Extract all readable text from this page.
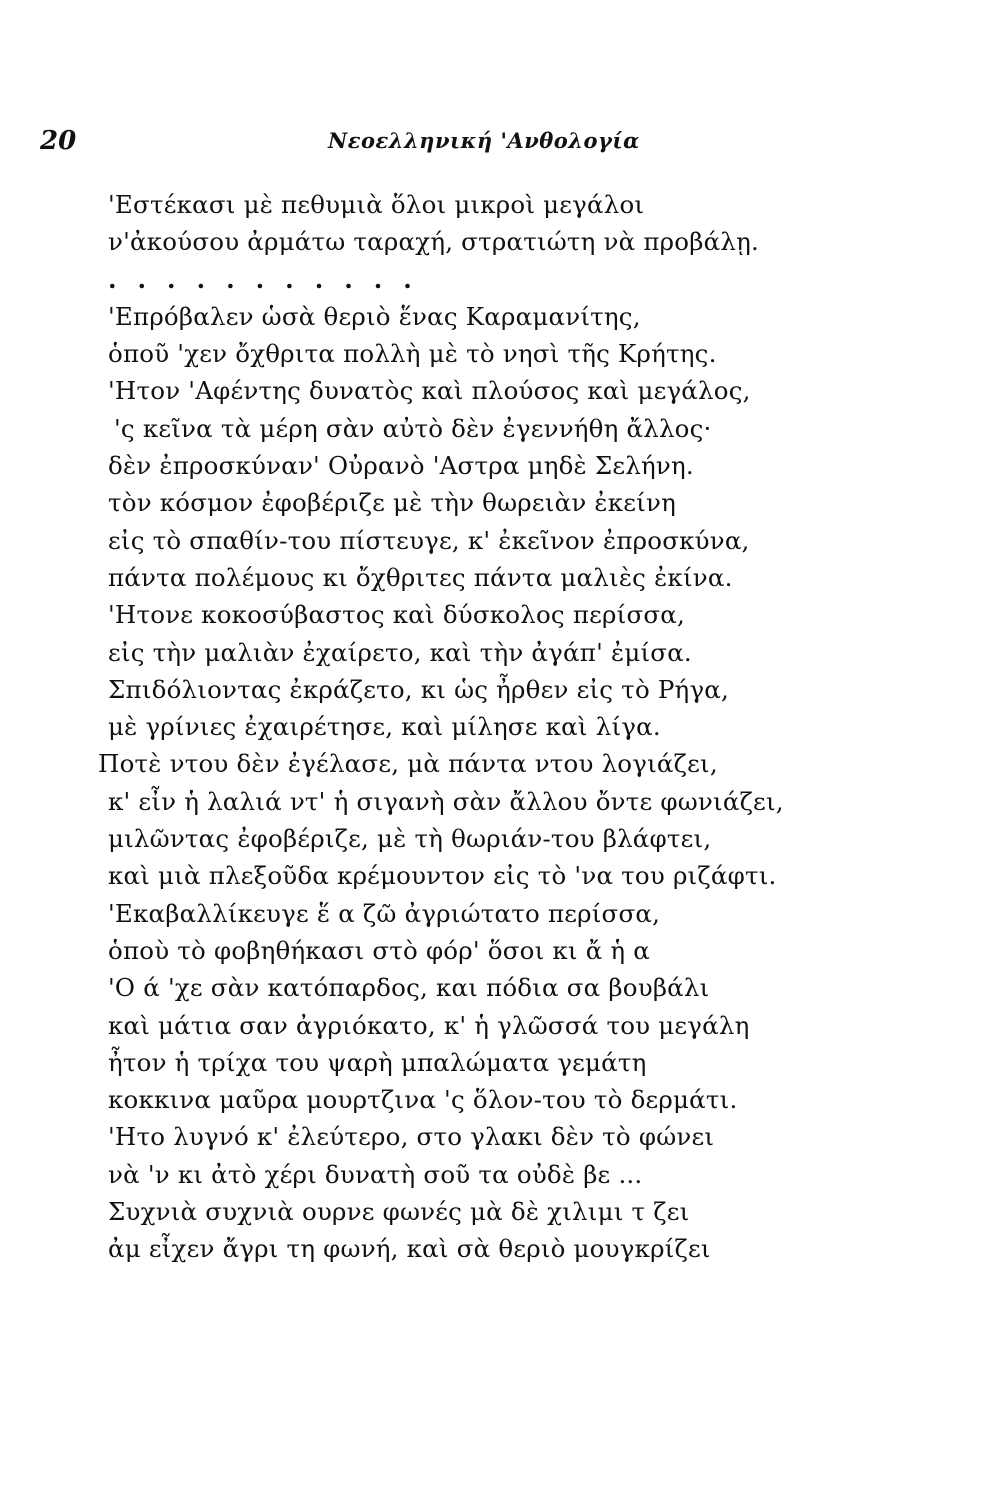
20	Νεοελληνική 'Ανθολογία
'Εστέκασι μὲ πεθυμιὰ ὅλοι μικροὶ μεγάλοι
ν'ἀκούσου ἀρμάτω ταραχή, στρατιώτη νὰ προβάλῃ.
...........
'Επρόβαλεν ὡσὰ θεριὸ ἕνας Καραμανίτης,
ὁποῦ 'χεν ὄχθριτα πολλὴ μὲ τὸ νησὶ τῆς Κρήτης.
'Ητον 'Αφέντης δυνατὸς καὶ πλούσος καὶ μεγάλος,
'ς κεῖνα τὰ μέρη σὰν αὐτὸ δὲν ἐγεννήθη ἄλλος·
δὲν ἐπροσκύναν' Οὐρανὸ 'Αστρα μηδὲ Σελήνη.
τὸν κόσμον ἐφοβέριζε μὲ τὴν θωρειὰν ἐκείνη
εἰς τὸ σπαθίν-του πίστευγε, κ' ἐκεῖνον ἐπροσκύνα,
πάντα πολέμους κι ὄχθριτες πάντα μαλιὲς ἐκίνα.
'Ητονε κοκοσύβαστος καὶ δύσκολος περίσσα,
εἰς τὴν μαλιὰν ἐχαίρετο, καὶ τὴν ἀγάπ' ἐμίσα.
Σπιδόλιοντας ἐκράζετο, κι ὡς ἦρθεν εἰς τὸ Ρήγα,
μὲ γρίνιες ἐχαιρέτησε, καὶ μίλησε καὶ λίγα.
Ποτὲ ντου δὲν ἐγέλασε, μὰ πάντα ντου λογιάζει,
κ' εἶν ἡ λαλιά ντ' ἡ σιγανὴ σὰν ἄλλου ὄντε φωνιάζει,
μιλῶντας ἐφοβέριζε, μὲ τὴ θωριάν-του βλάφτει,
καὶ μιὰ πλεξοῦδα κρέμουντον εἰς τὸ 'να του ριζάφτι.
'Εκαβαλλίκευγε ἕ α ζῶ ἀγριώτατο περίσσα,
ὁποὺ τὸ φοβηθήκασι στὸ φόρ' ὅσοι κι ἄ ἡ α
'Ο ά 'χε σὰν κατόπαρδος, και πόδια σα βουβάλι
καὶ μάτια σαν ἀγριόκατο, κ' ἡ γλῶσσά του μεγάλη
ἦτον ἡ τρίχα του ψαρὴ μπαλώματα γεμάτη
κοκκινα μαῦρα μουρτζινα 'ς ὅλον-του τὸ δερμάτι.
'Ητο λυγνό κ' ἐλεύτερο, στο γλακι δὲν τὸ φώνει
νὰ 'ν κι ἀτὸ χέρι δυνατὴ σοῦ τα οὐδὲ βε ...
Συχνιὰ συχνιὰ ουρνε φωνές μὰ δὲ χιλιμι τ ζει
ἀμ εἶχεν ἄγρι τη φωνή, καὶ σὰ θεριὸ μουγκρίζει
